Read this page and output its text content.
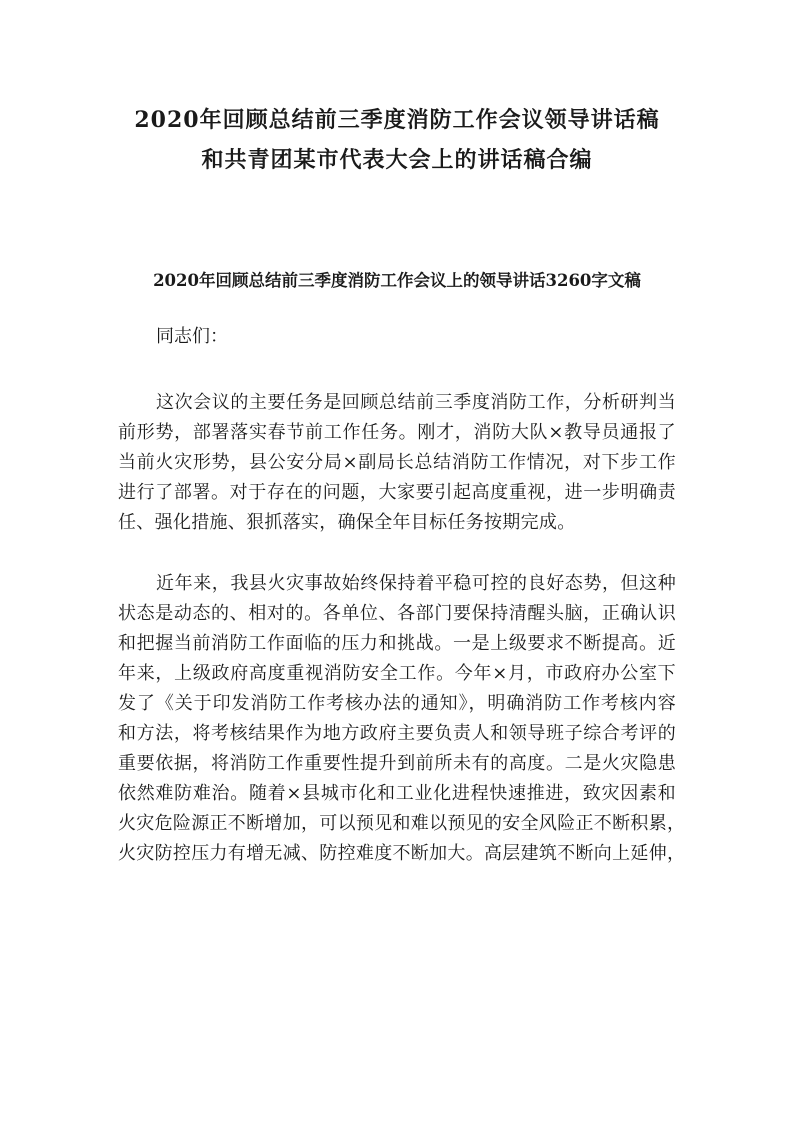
2020年回顾总结前三季度消防工作会议领导讲话稿
和共青团某市代表大会上的讲话稿合编
2020年回顾总结前三季度消防工作会议上的领导讲话3260字文稿

同志们：

这次会议的主要任务是回顾总结前三季度消防工作，分析研判当
前形势，部署落实春节前工作任务。刚才，消防大队×教导员通报了
当前火灾形势，县公安分局×副局长总结消防工作情况，对下步工作
进行了部署。对于存在的问题，大家要引起高度重视，进一步明确责
任、强化措施、狠抓落实，确保全年目标任务按期完成。
近年来，我县火灾事故始终保持着平稳可控的良好态势，但这种
状态是动态的、相对的。各单位、各部门要保持清醒头脑，正确认识
和把握当前消防工作面临的压力和挑战。一是上级要求不断提高。近
年来，上级政府高度重视消防安全工作。今年×月，市政府办公室下
发了《关于印发消防工作考核办法的通知》，明确消防工作考核内容
和方法，将考核结果作为地方政府主要负责人和领导班子综合考评的
重要依据，将消防工作重要性提升到前所未有的高度。二是火灾隐患
依然难防难治。随着×县城市化和工业化进程快速推进，致灾因素和
火灾危险源正不断增加，可以预见和难以预见的安全风险正不断积累，
火灾防控压力有增无减、防控难度不断加大。高层建筑不断向上延伸，
